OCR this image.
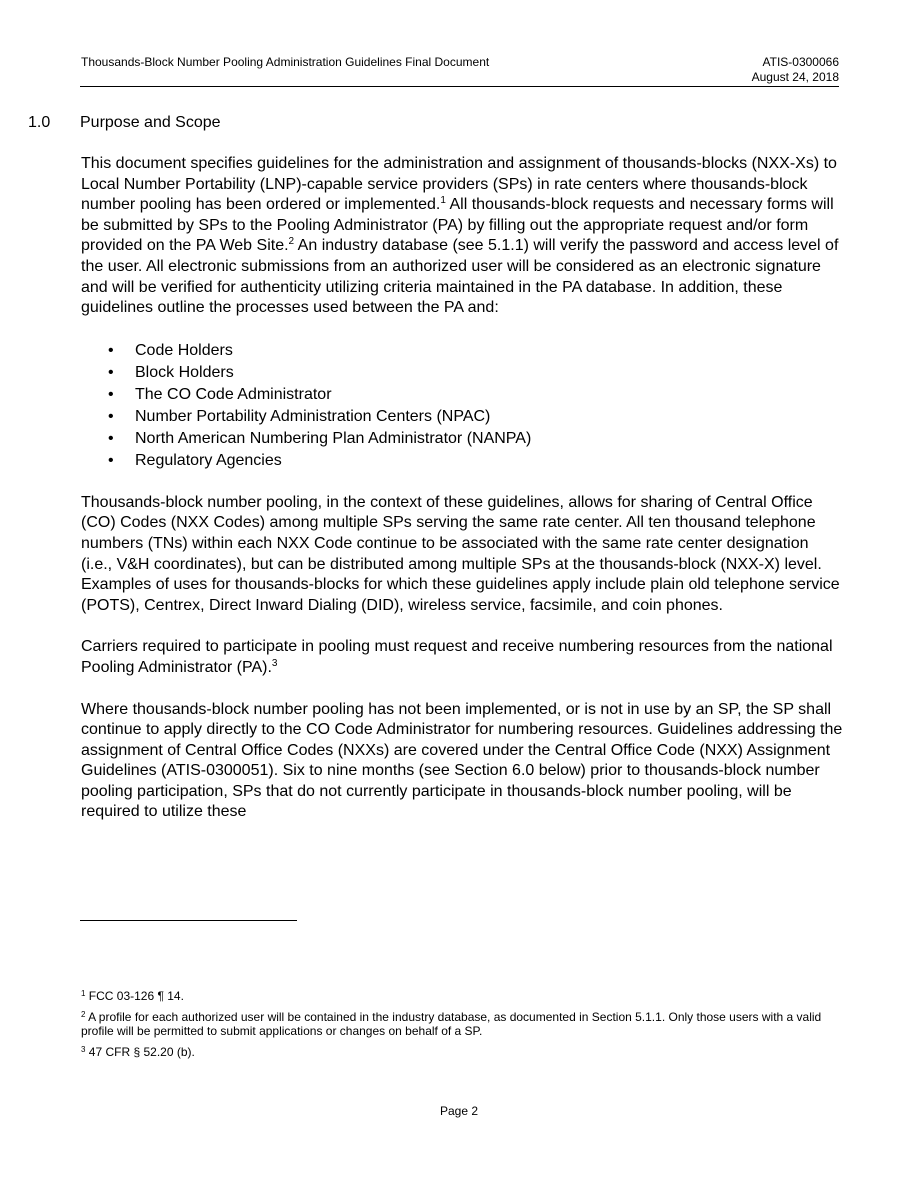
Thousands-Block Number Pooling Administration Guidelines Final Document	ATIS-0300066
August 24, 2018
1.0 Purpose and Scope

This document specifies guidelines for the administration and assignment of thousands-blocks (NXX-Xs) to Local Number Portability (LNP)-capable service providers (SPs) in rate centers where thousands-block number pooling has been ordered or implemented.$^1$ All thousands-block requests and necessary forms will be submitted by SPs to the Pooling Administrator (PA) by filling out the appropriate request and/or form provided on the PA Web Site.$^2$ An industry database (see 5.1.1) will verify the password and access level of the user. All electronic submissions from an authorized user will be considered as an electronic signature and will be verified for authenticity utilizing criteria maintained in the PA database. In addition, these guidelines outline the processes used between the PA and:

• Code Holders
• Block Holders
• The CO Code Administrator
• Number Portability Administration Centers (NPAC)
• North American Numbering Plan Administrator (NANPA)
• Regulatory Agencies

Thousands-block number pooling, in the context of these guidelines, allows for sharing of Central Office (CO) Codes (NXX Codes) among multiple SPs serving the same rate center. All ten thousand telephone numbers (TNs) within each NXX Code continue to be associated with the same rate center designation (i.e., V&H coordinates), but can be distributed among multiple SPs at the thousands-block (NXX-X) level. Examples of uses for thousands-blocks for which these guidelines apply include plain old telephone service (POTS), Centrex, Direct Inward Dialing (DID), wireless service, facsimile, and coin phones.

Carriers required to participate in pooling must request and receive numbering resources from the national Pooling Administrator (PA).$^3$

Where thousands-block number pooling has not been implemented, or is not in use by an SP, the SP shall continue to apply directly to the CO Code Administrator for numbering resources. Guidelines addressing the assignment of Central Office Codes (NXXs) are covered under the Central Office Code (NXX) Assignment Guidelines (ATIS-0300051). Six to nine months (see Section 6.0 below) prior to thousands-block number pooling participation, SPs that do not currently participate in thousands-block number pooling, will be required to utilize these

$^1$ FCC 03-126 ¶ 14.
$^2$ A profile for each authorized user will be contained in the industry database, as documented in Section 5.1.1. Only those users with a valid profile will be permitted to submit applications or changes on behalf of a SP.
$^3$ 47 CFR § 52.20 (b).
Page 2
